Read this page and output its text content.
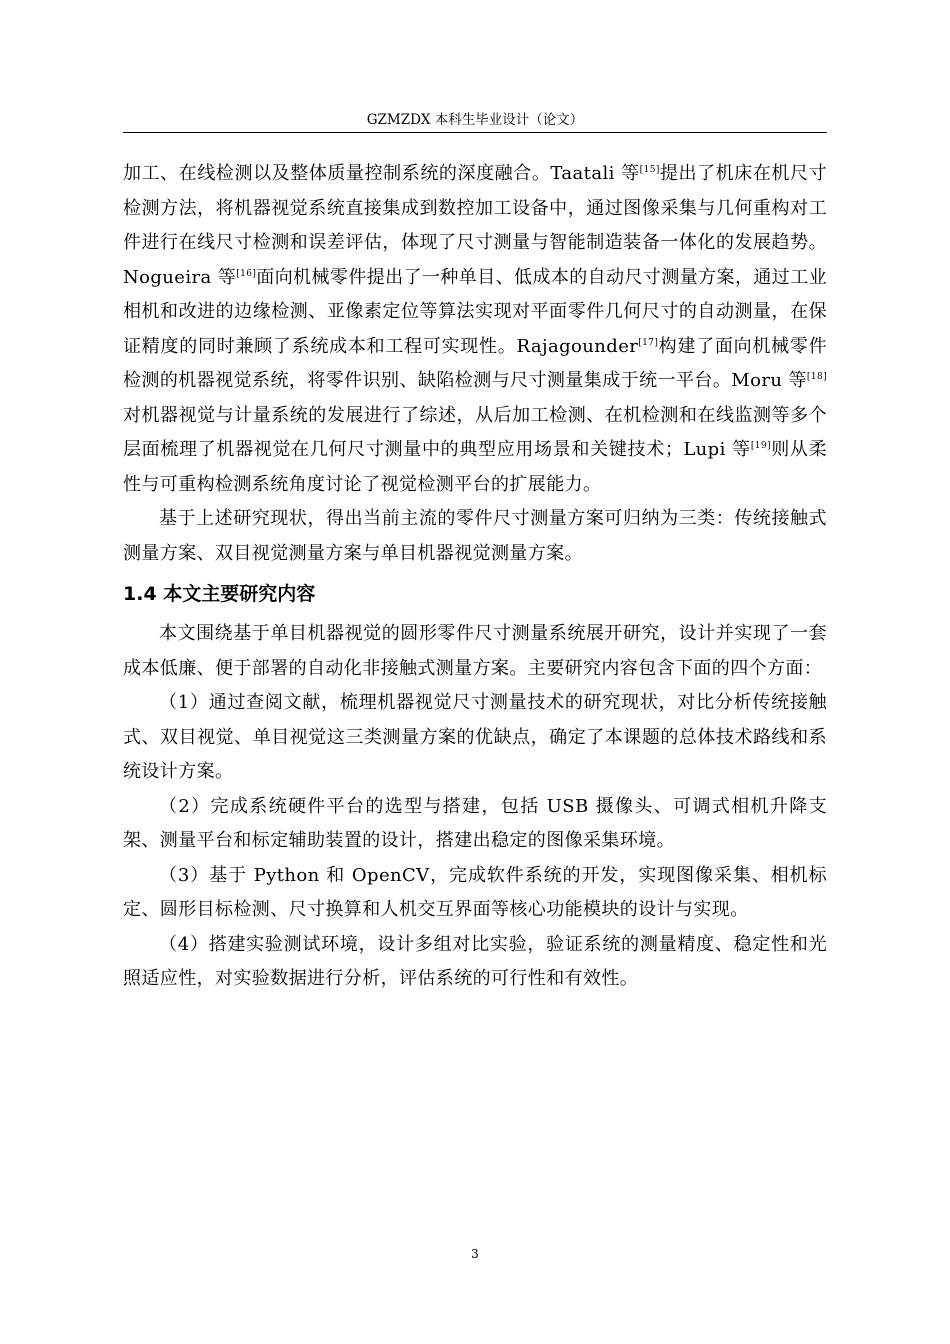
GZMZDX 本科生毕业设计（论文）

加工、在线检测以及整体质量控制系统的深度融合。Taatali 等[15]提出了机床在机尺寸检测方法，将机器视觉系统直接集成到数控加工设备中，通过图像采集与几何重构对工件进行在线尺寸检测和误差评估，体现了尺寸测量与智能制造装备一体化的发展趋势。Nogueira 等[16]面向机械零件提出了一种单目、低成本的自动尺寸测量方案，通过工业相机和改进的边缘检测、亚像素定位等算法实现对平面零件几何尺寸的自动测量，在保证精度的同时兼顾了系统成本和工程可实现性。Rajagounder[17]构建了面向机械零件检测的机器视觉系统，将零件识别、缺陷检测与尺寸测量集成于统一平台。Moru 等[18]对机器视觉与计量系统的发展进行了综述，从后加工检测、在机检测和在线监测等多个层面梳理了机器视觉在几何尺寸测量中的典型应用场景和关键技术；Lupi 等[19]则从柔性与可重构检测系统角度讨论了视觉检测平台的扩展能力。

基于上述研究现状，得出当前主流的零件尺寸测量方案可归纳为三类：传统接触式测量方案、双目视觉测量方案与单目机器视觉测量方案。

1.4 本文主要研究内容

本文围绕基于单目机器视觉的圆形零件尺寸测量系统展开研究，设计并实现了一套成本低廉、便于部署的自动化非接触式测量方案。主要研究内容包含下面的四个方面：

（1）通过查阅文献，梳理机器视觉尺寸测量技术的研究现状，对比分析传统接触式、双目视觉、单目视觉这三类测量方案的优缺点，确定了本课题的总体技术路线和系统设计方案。

（2）完成系统硬件平台的选型与搭建，包括 USB 摄像头、可调式相机升降支架、测量平台和标定辅助装置的设计，搭建出稳定的图像采集环境。

（3）基于 Python 和 OpenCV，完成软件系统的开发，实现图像采集、相机标定、圆形目标检测、尺寸换算和人机交互界面等核心功能模块的设计与实现。

（4）搭建实验测试环境，设计多组对比实验，验证系统的测量精度、稳定性和光照适应性，对实验数据进行分析，评估系统的可行性和有效性。

3
